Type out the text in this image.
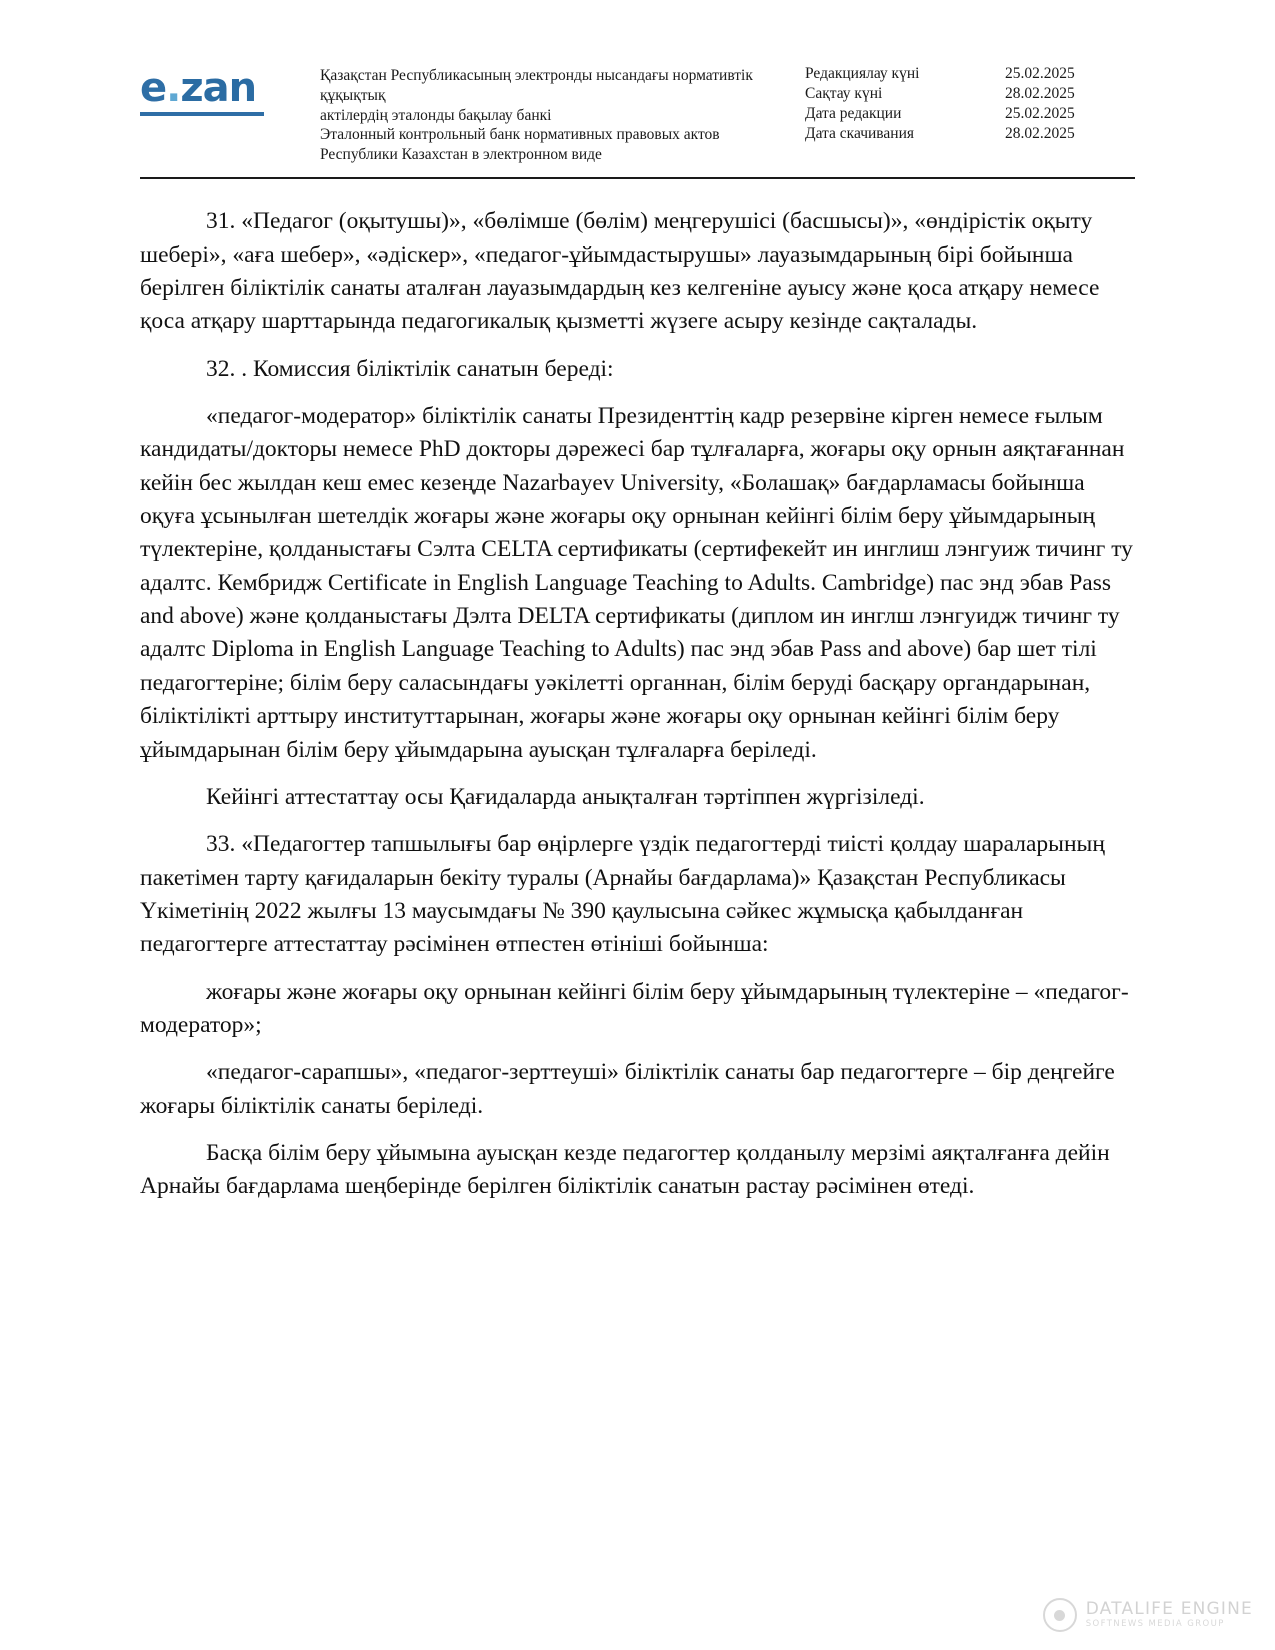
e.zan	Қазақстан Республикасының электронды нысандағы нормативтік құқықтық

актілердің эталонды бақылау банкі

Эталонный контрольный банк нормативных правовых актов

Республики Казахстан в электронном виде

Редакциялау күні	25.02.2025
Сақтау күні	28.02.2025
Дата редакции	25.02.2025
Дата скачивания	28.02.2025

31. «Педагог (оқытушы)», «бөлімше (бөлім) меңгерушісі (басшысы)», «өндірістік оқыту шебері», «аға шебер», «әдіскер», «педагог-ұйымдастырушы» лауазымдарының бірі бойынша берілген біліктілік санаты аталған лауазымдардың кез келгеніне ауысу және қоса атқару немесе қоса атқару шарттарында педагогикалық қызметті жүзеге асыру кезінде сақталады.

32. . Комиссия біліктілік санатын береді:

«педагог-модератор» біліктілік санаты Президенттің кадр резервіне кірген немесе ғылым кандидаты/докторы немесе PhD докторы дәрежесі бар тұлғаларға, жоғары оқу орнын аяқтағаннан кейін бес жылдан кеш емес кезеңде Nazarbayev University, «Болашақ» бағдарламасы бойынша оқуға ұсынылған шетелдік жоғары және жоғары оқу орнынан кейінгі білім беру ұйымдарының түлектеріне, қолданыстағы Сэлта CELTA сертификаты (сертифекейт ин инглиш лэнгуиж тичинг ту адалтс. Кембридж Certificate in English Language Teaching to Adults. Cambridge) пас энд эбав Pass and above) және қолданыстағы Дэлта DELTA сертификаты (диплом ин инглш лэнгуидж тичинг ту адалтс Diploma in English Language Teaching to Adults) пас энд эбав Pass and above) бар шет тілі педагогтеріне; білім беру саласындағы уәкілетті органнан, білім беруді басқару органдарынан, біліктілікті арттыру институттарынан, жоғары және жоғары оқу орнынан кейінгі білім беру ұйымдарынан білім беру ұйымдарына ауысқан тұлғаларға беріледі.

Кейінгі аттестаттау осы Қағидаларда анықталған тәртіппен жүргізіледі.

33. «Педагогтер тапшылығы бар өңірлерге үздік педагогтерді тиісті қолдау шараларының пакетімен тарту қағидаларын бекіту туралы (Арнайы бағдарлама)» Қазақстан Республикасы Үкіметінің 2022 жылғы 13 маусымдағы № 390 қаулысына сәйкес жұмысқа қабылданған педагогтерге аттестаттау рәсімінен өтпестен өтініші бойынша:

жоғары және жоғары оқу орнынан кейінгі білім беру ұйымдарының түлектеріне – «педагог-модератор»;

«педагог-сарапшы», «педагог-зерттеуші» біліктілік санаты бар педагогтерге – бір деңгейге жоғары біліктілік санаты беріледі.

Басқа білім беру ұйымына ауысқан кезде педагогтер қолданылу мерзімі аяқталғанға дейін Арнайы бағдарлама шеңберінде берілген біліктілік санатын растау рәсімінен өтеді.

DATALIFE ENGINE
SOFTNEWS MEDIA GROUP
